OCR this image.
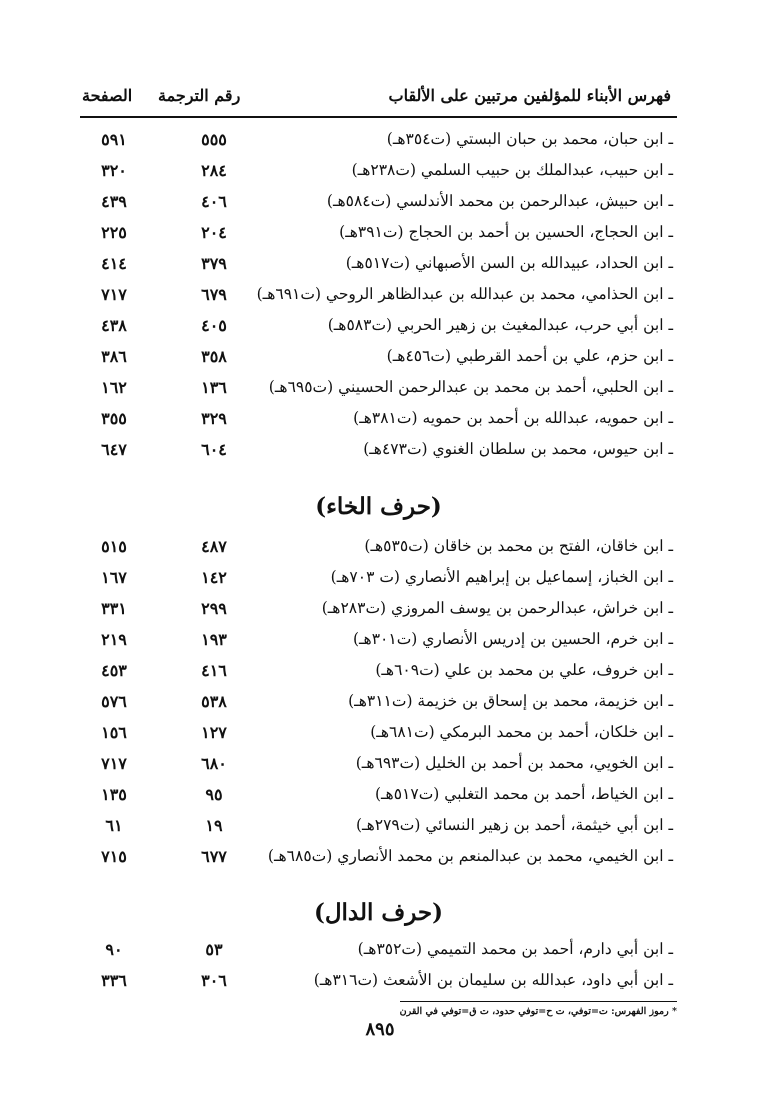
فهرس الأبناء للمؤلفين مرتبين على الألقاب
رقم الترجمة
الصفحة
ـ ابن حبان، محمد بن حبان البستي (ت٣٥٤هـ)
٥٥٥
٥٩١
ـ ابن حبيب، عبدالملك بن حبيب السلمي (ت٢٣٨هـ)
٢٨٤
٣٢٠
ـ ابن حبيش، عبدالرحمن بن محمد الأندلسي (ت٥٨٤هـ)
٤٠٦
٤٣٩
ـ ابن الحجاج، الحسين بن أحمد بن الحجاج (ت٣٩١هـ)
٢٠٤
٢٢٥
ـ ابن الحداد، عبيدالله بن السن الأصبهاني (ت٥١٧هـ)
٣٧٩
٤١٤
ـ ابن الحذامي، محمد بن عبدالله بن عبدالظاهر الروحي (ت٦٩١هـ)
٦٧٩
٧١٧
ـ ابن أبي حرب، عبدالمغيث بن زهير الحربي (ت٥٨٣هـ)
٤٠٥
٤٣٨
ـ ابن حزم، علي بن أحمد القرطبي (ت٤٥٦هـ)
٣٥٨
٣٨٦
ـ ابن الحلبي، أحمد بن محمد بن عبدالرحمن الحسيني (ت٦٩٥هـ)
١٣٦
١٦٢
ـ ابن حمويه، عبدالله بن أحمد بن حمويه (ت٣٨١هـ)
٣٢٩
٣٥٥
ـ ابن حيوس، محمد بن سلطان الغنوي (ت٤٧٣هـ)
٦٠٤
٦٤٧
(حرف الخاء)
ـ ابن خاقان، الفتح بن محمد بن خاقان (ت٥٣٥هـ)
٤٨٧
٥١٥
ـ ابن الخباز، إسماعيل بن إبراهيم الأنصاري (ت ٧٠٣هـ)
١٤٢
١٦٧
ـ ابن خراش، عبدالرحمن بن يوسف المروزي (ت٢٨٣هـ)
٢٩٩
٣٣١
ـ ابن خرم، الحسين بن إدريس الأنصاري (ت٣٠١هـ)
١٩٣
٢١٩
ـ ابن خروف، علي بن محمد بن علي (ت٦٠٩هـ)
٤١٦
٤٥٣
ـ ابن خزيمة، محمد بن إسحاق بن خزيمة (ت٣١١هـ)
٥٣٨
٥٧٦
ـ ابن خلكان، أحمد بن محمد البرمكي (ت٦٨١هـ)
١٢٧
١٥٦
ـ ابن الخويي، محمد بن أحمد بن الخليل (ت٦٩٣هـ)
٦٨٠
٧١٧
ـ ابن الخياط، أحمد بن محمد التغلبي (ت٥١٧هـ)
٩٥
١٣٥
ـ ابن أبي خيثمة، أحمد بن زهير النسائي (ت٢٧٩هـ)
١٩
٦١
ـ ابن الخيمي، محمد بن عبدالمنعم بن محمد الأنصاري (ت٦٨٥هـ)
٦٧٧
٧١٥
(حرف الدال)
ـ ابن أبي دارم، أحمد بن محمد التميمي (ت٣٥٢هـ)
٥٣
٩٠
ـ ابن أبي داود، عبدالله بن سليمان بن الأشعث (ت٣١٦هـ)
٣٠٦
٣٣٦
* رموز الفهرس: ت=توفي، ت ح=توفي حدود، ت ق=توفي في القرن
٨٩٥
